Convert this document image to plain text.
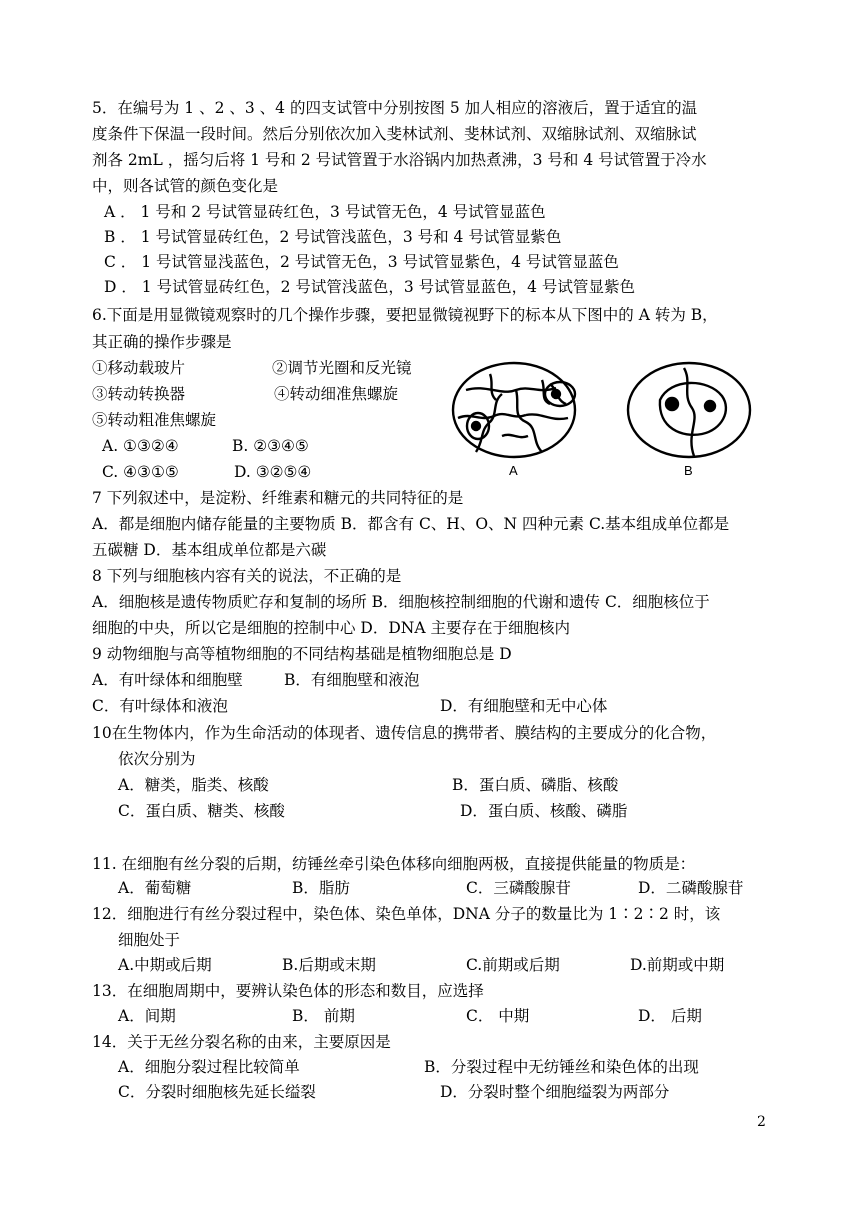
5．在编号为 1 、2 、3 、4 的四支试管中分别按图 5 加人相应的溶液后，置于适宜的温
度条件下保温一段时间。然后分别依次加入斐林试剂、斐林试剂、双缩脉试剂、双缩脉试
剂各 2mL ，摇匀后将 1 号和 2 号试管置于水浴锅内加热煮沸，3 号和 4 号试管置于冷水
中，则各试管的颜色变化是
A ． 1 号和 2 号试管显砖红色，3 号试管无色，4 号试管显蓝色
B ． 1 号试管显砖红色，2 号试管浅蓝色，3 号和 4 号试管显紫色
C ． 1 号试管显浅蓝色，2 号试管无色，3 号试管显紫色，4 号试管显蓝色
D ． 1 号试管显砖红色，2 号试管浅蓝色，3 号试管显蓝色，4 号试管显紫色
6.下面是用显微镜观察时的几个操作步骤，要把显微镜视野下的标本从下图中的 A 转为 B，
其正确的操作步骤是
①移动载玻片	②调节光圈和反光镜
③转动转换器	④转动细准焦螺旋
⑤转动粗准焦螺旋
A. ①③②④	B. ②③④⑤
C. ④③①⑤	D. ③②⑤④	A	B
7 下列叙述中，是淀粉、纤维素和糖元的共同特征的是
A．都是细胞内储存能量的主要物质 B．都含有 C、H、O、N 四种元素 C.基本组成单位都是
五碳糖 D．基本组成单位都是六碳
8 下列与细胞核内容有关的说法，不正确的是
A．细胞核是遗传物质贮存和复制的场所 B．细胞核控制细胞的代谢和遗传 C．细胞核位于
细胞的中央，所以它是细胞的控制中心 D．DNA 主要存在于细胞核内
9 动物细胞与高等植物细胞的不同结构基础是植物细胞总是 D
A．有叶绿体和细胞壁	B．有细胞壁和液泡
C．有叶绿体和液泡	D．有细胞壁和无中心体
10在生物体内，作为生命活动的体现者、遗传信息的携带者、膜结构的主要成分的化合物，
依次分别为
A．糖类，脂类、核酸	B．蛋白质、磷脂、核酸
C．蛋白质、糖类、核酸	D．蛋白质、核酸、磷脂
11. 在细胞有丝分裂的后期，纺锤丝牵引染色体移向细胞两极，直接提供能量的物质是：
A．葡萄糖	B．脂肪	C．三磷酸腺苷	D．二磷酸腺苷
12．细胞进行有丝分裂过程中，染色体、染色单体，DNA 分子的数量比为 1∶2∶2 时，该
细胞处于
A.中期或后期	B.后期或末期	C.前期或后期	D.前期或中期
13．在细胞周期中，要辨认染色体的形态和数目，应选择
A．间期	B． 前期	C． 中期	D． 后期
14．关于无丝分裂名称的由来，主要原因是
A．细胞分裂过程比较简单	B．分裂过程中无纺锤丝和染色体的出现
C．分裂时细胞核先延长缢裂	D．分裂时整个细胞缢裂为两部分
2
